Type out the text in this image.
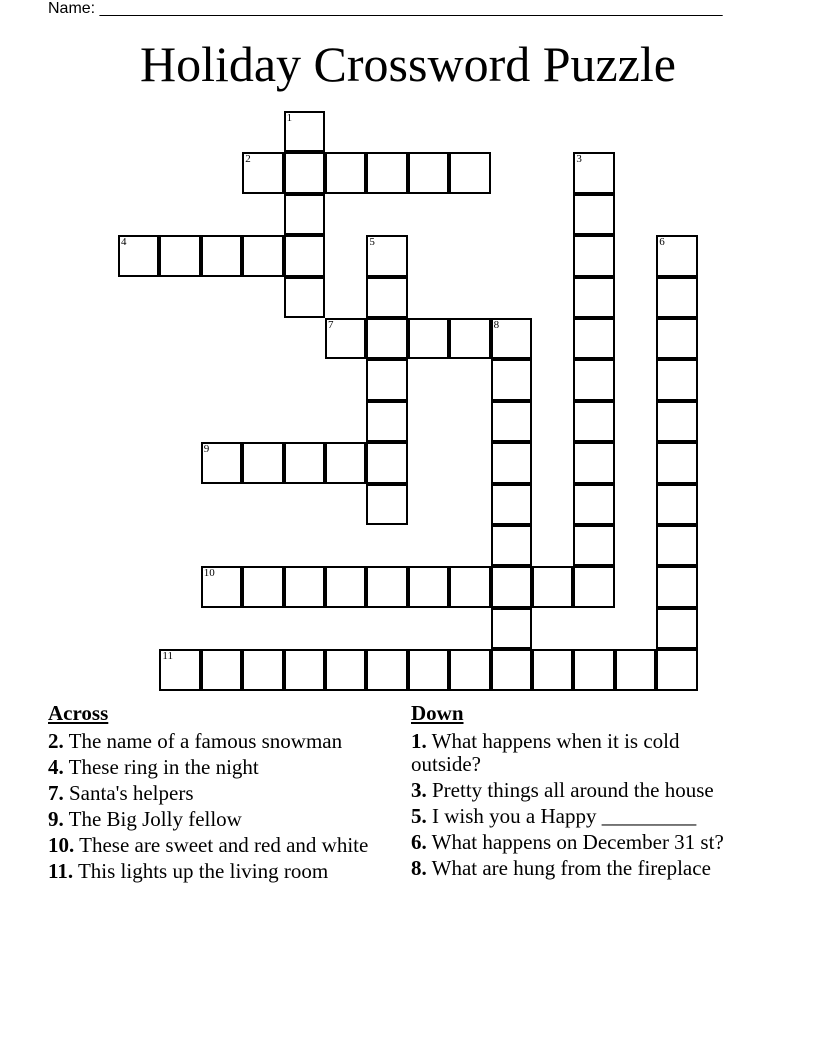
Name: ______________________________________________________________________
Holiday Crossword Puzzle
1
2	3
4	5	6
7	8
9
10
11
Across
2. The name of a famous snowman
4. These ring in the night
7. Santa's helpers
9. The Big Jolly fellow
10. These are sweet and red and white
11. This lights up the living room
Down
1. What happens when it is cold outside?
3. Pretty things all around the house
5. I wish you a Happy _________
6. What happens on December 31 st?
8. What are hung from the fireplace
